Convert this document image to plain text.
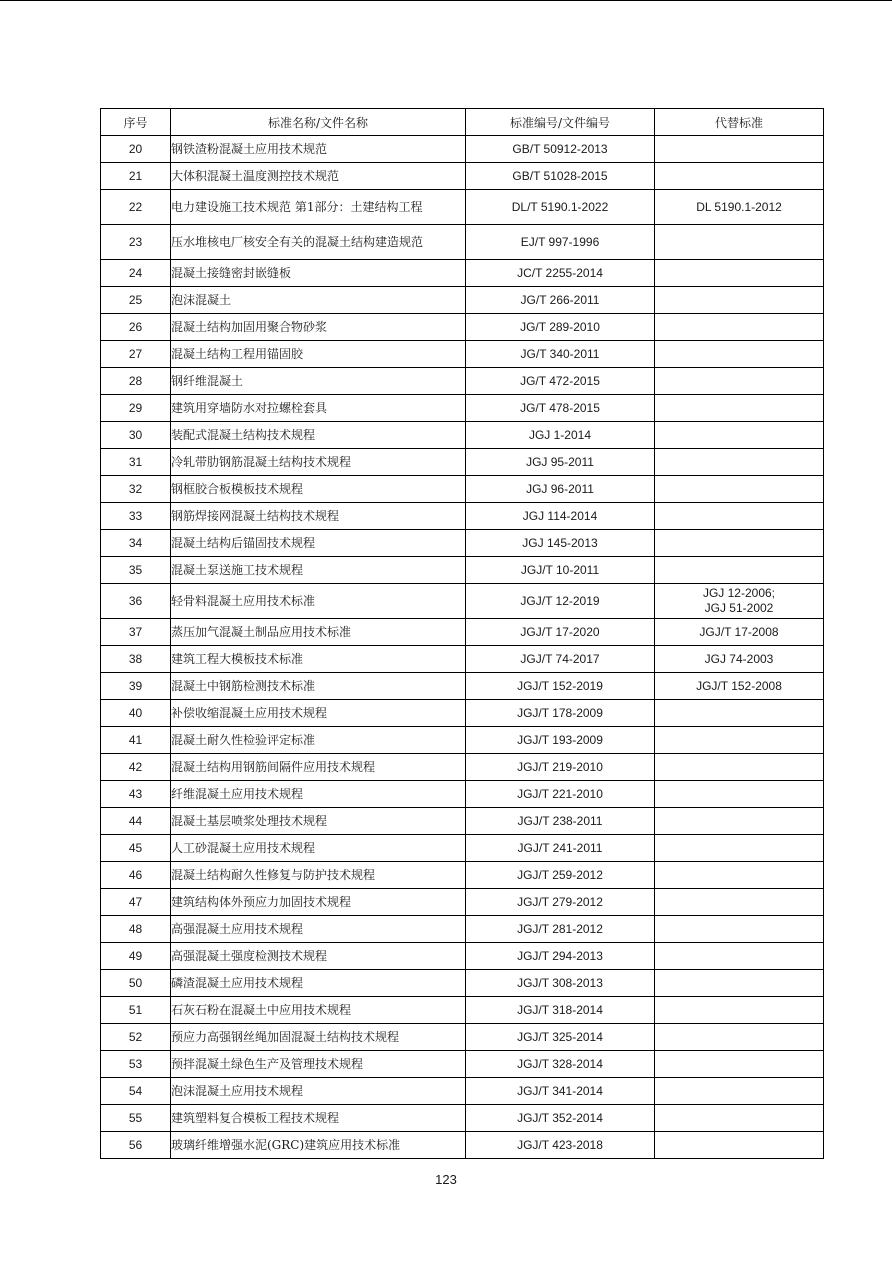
序号	标准名称/文件名称	标准编号/文件编号	代替标准
20	钢铁渣粉混凝土应用技术规范	GB/T 50912-2013	
21	大体积混凝土温度测控技术规范	GB/T 51028-2015	
22	电力建设施工技术规范 第1部分：土建结构工程	DL/T 5190.1-2022	DL 5190.1-2012
23	压水堆核电厂核安全有关的混凝土结构建造规范	EJ/T 997-1996	
24	混凝土接缝密封嵌缝板	JC/T 2255-2014	
25	泡沫混凝土	JG/T 266-2011	
26	混凝土结构加固用聚合物砂浆	JG/T 289-2010	
27	混凝土结构工程用锚固胶	JG/T 340-2011	
28	钢纤维混凝土	JG/T 472-2015	
29	建筑用穿墙防水对拉螺栓套具	JG/T 478-2015	
30	装配式混凝土结构技术规程	JGJ 1-2014	
31	冷轧带肋钢筋混凝土结构技术规程	JGJ 95-2011	
32	钢框胶合板模板技术规程	JGJ 96-2011	
33	钢筋焊接网混凝土结构技术规程	JGJ 114-2014	
34	混凝土结构后锚固技术规程	JGJ 145-2013	
35	混凝土泵送施工技术规程	JGJ/T 10-2011	
36	轻骨料混凝土应用技术标准	JGJ/T 12-2019	JGJ 12-2006;
JGJ 51-2002
37	蒸压加气混凝土制品应用技术标准	JGJ/T 17-2020	JGJ/T 17-2008
38	建筑工程大模板技术标准	JGJ/T 74-2017	JGJ 74-2003
39	混凝土中钢筋检测技术标准	JGJ/T 152-2019	JGJ/T 152-2008
40	补偿收缩混凝土应用技术规程	JGJ/T 178-2009	
41	混凝土耐久性检验评定标准	JGJ/T 193-2009	
42	混凝土结构用钢筋间隔件应用技术规程	JGJ/T 219-2010	
43	纤维混凝土应用技术规程	JGJ/T 221-2010	
44	混凝土基层喷浆处理技术规程	JGJ/T 238-2011	
45	人工砂混凝土应用技术规程	JGJ/T 241-2011	
46	混凝土结构耐久性修复与防护技术规程	JGJ/T 259-2012	
47	建筑结构体外预应力加固技术规程	JGJ/T 279-2012	
48	高强混凝土应用技术规程	JGJ/T 281-2012	
49	高强混凝土强度检测技术规程	JGJ/T 294-2013	
50	磷渣混凝土应用技术规程	JGJ/T 308-2013	
51	石灰石粉在混凝土中应用技术规程	JGJ/T 318-2014	
52	预应力高强钢丝绳加固混凝土结构技术规程	JGJ/T 325-2014	
53	预拌混凝土绿色生产及管理技术规程	JGJ/T 328-2014	
54	泡沫混凝土应用技术规程	JGJ/T 341-2014	
55	建筑塑料复合模板工程技术规程	JGJ/T 352-2014	
56	玻璃纤维增强水泥(GRC)建筑应用技术标准	JGJ/T 423-2018	
123
